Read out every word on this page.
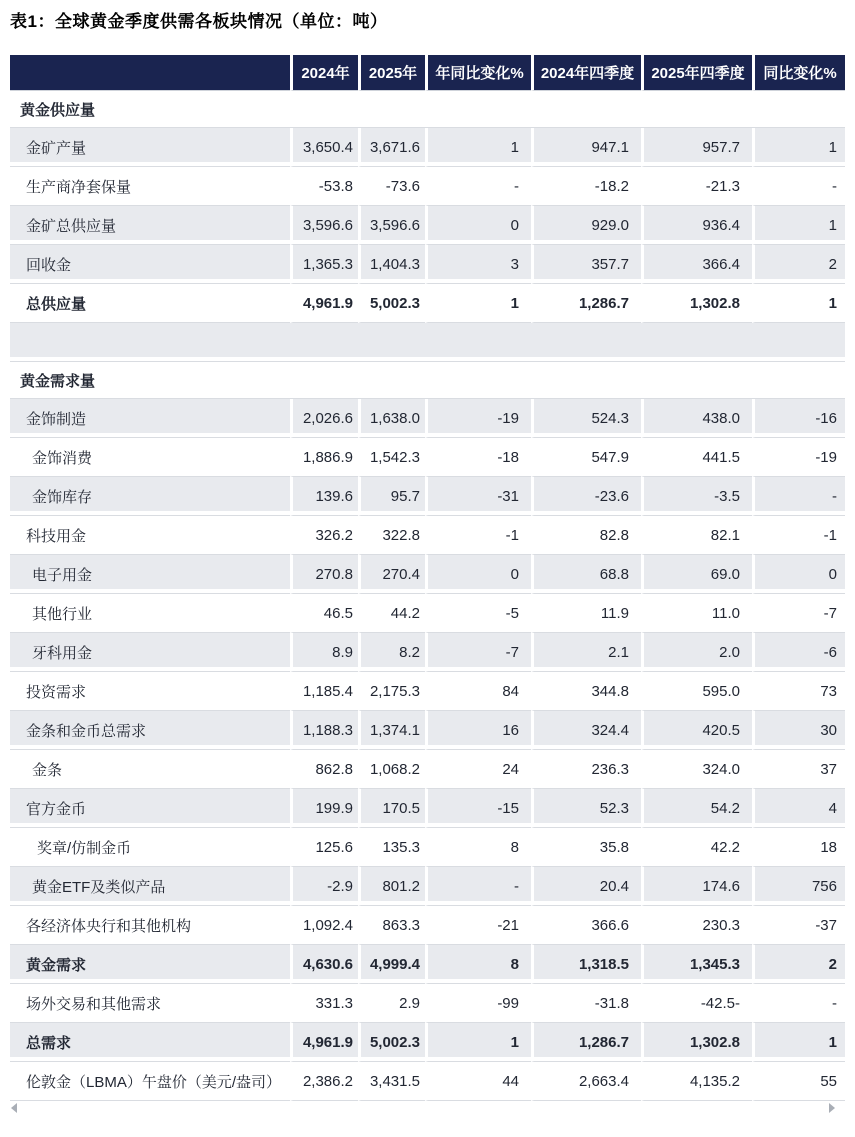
表1：全球黄金季度供需各板块情况（单位：吨）
	2024年	2025年	年同比变化%	2024年四季度	2025年四季度	同比变化%
黄金供应量						
金矿产量	3,650.4	3,671.6	1	947.1	957.7	1
生产商净套保量	-53.8	-73.6	-	-18.2	-21.3	-
金矿总供应量	3,596.6	3,596.6	0	929.0	936.4	1
回收金	1,365.3	1,404.3	3	357.7	366.4	2
总供应量	4,961.9	5,002.3	1	1,286.7	1,302.8	1

黄金需求量						
金饰制造	2,026.6	1,638.0	-19	524.3	438.0	-16
金饰消费	1,886.9	1,542.3	-18	547.9	441.5	-19
金饰库存	139.6	95.7	-31	-23.6	-3.5	-
科技用金	326.2	322.8	-1	82.8	82.1	-1
电子用金	270.8	270.4	0	68.8	69.0	0
其他行业	46.5	44.2	-5	11.9	11.0	-7
牙科用金	8.9	8.2	-7	2.1	2.0	-6
投资需求	1,185.4	2,175.3	84	344.8	595.0	73
金条和金币总需求	1,188.3	1,374.1	16	324.4	420.5	30
金条	862.8	1,068.2	24	236.3	324.0	37
官方金币	199.9	170.5	-15	52.3	54.2	4
奖章/仿制金币	125.6	135.3	8	35.8	42.2	18
黄金ETF及类似产品	-2.9	801.2	-	20.4	174.6	756
各经济体央行和其他机构	1,092.4	863.3	-21	366.6	230.3	-37
黄金需求	4,630.6	4,999.4	8	1,318.5	1,345.3	2
场外交易和其他需求	331.3	2.9	-99	-31.8	-42.5-	-
总需求	4,961.9	5,002.3	1	1,286.7	1,302.8	1
伦敦金（LBMA）午盘价（美元/盎司）	2,386.2	3,431.5	44	2,663.4	4,135.2	55
